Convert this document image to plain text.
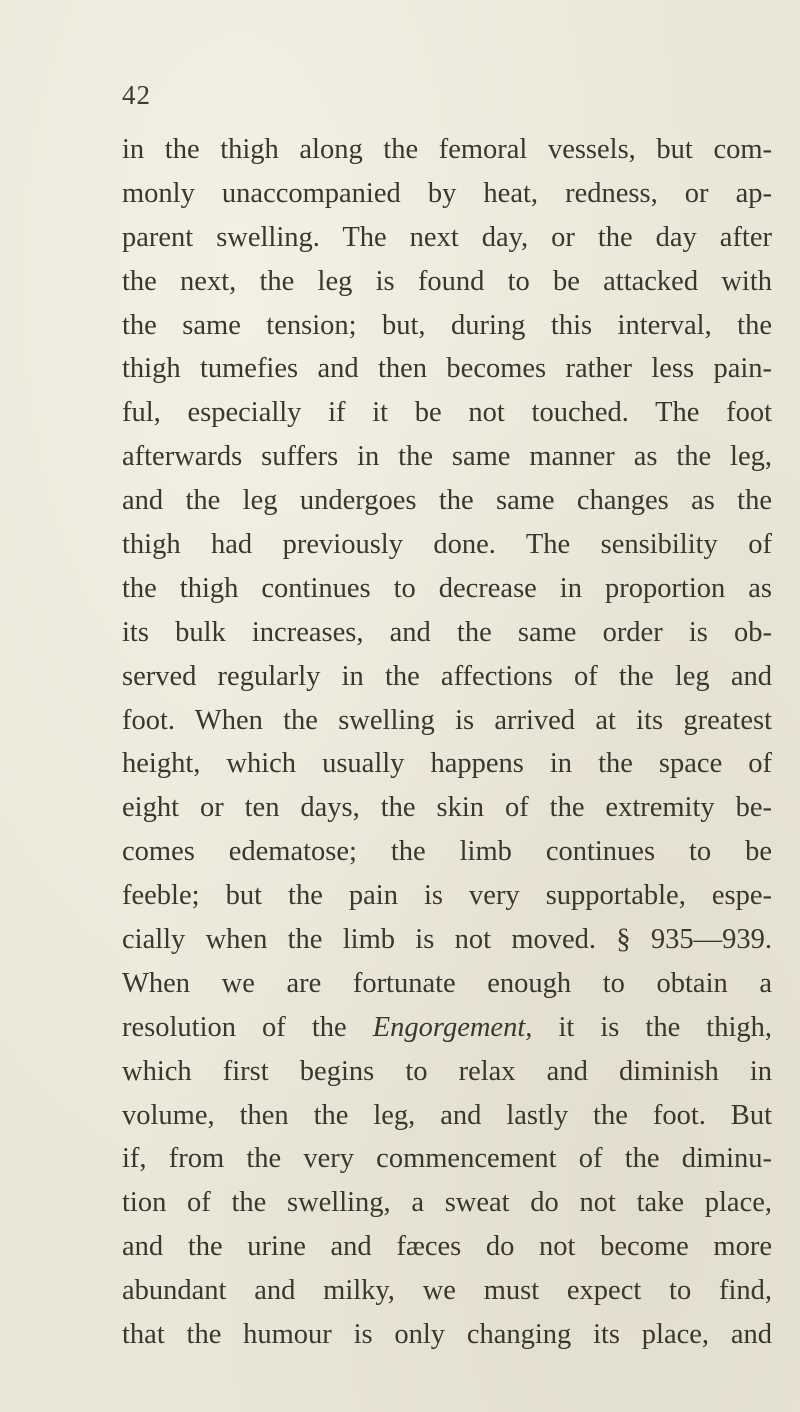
42
in the thigh along the femoral vessels, but com-
monly unaccompanied by heat, redness, or ap-
parent swelling. The next day, or the day after
the next, the leg is found to be attacked with
the same tension; but, during this interval, the
thigh tumefies and then becomes rather less pain-
ful, especially if it be not touched. The foot
afterwards suffers in the same manner as the leg,
and the leg undergoes the same changes as the
thigh had previously done. The sensibility of
the thigh continues to decrease in proportion as
its bulk increases, and the same order is ob-
served regularly in the affections of the leg and
foot. When the swelling is arrived at its greatest
height, which usually happens in the space of
eight or ten days, the skin of the extremity be-
comes edematose; the limb continues to be
feeble; but the pain is very supportable, espe-
cially when the limb is not moved. § 935—939.
When we are fortunate enough to obtain a
resolution of the Engorgement, it is the thigh,
which first begins to relax and diminish in
volume, then the leg, and lastly the foot. But
if, from the very commencement of the diminu-
tion of the swelling, a sweat do not take place,
and the urine and fæces do not become more
abundant and milky, we must expect to find,
that the humour is only changing its place, and
